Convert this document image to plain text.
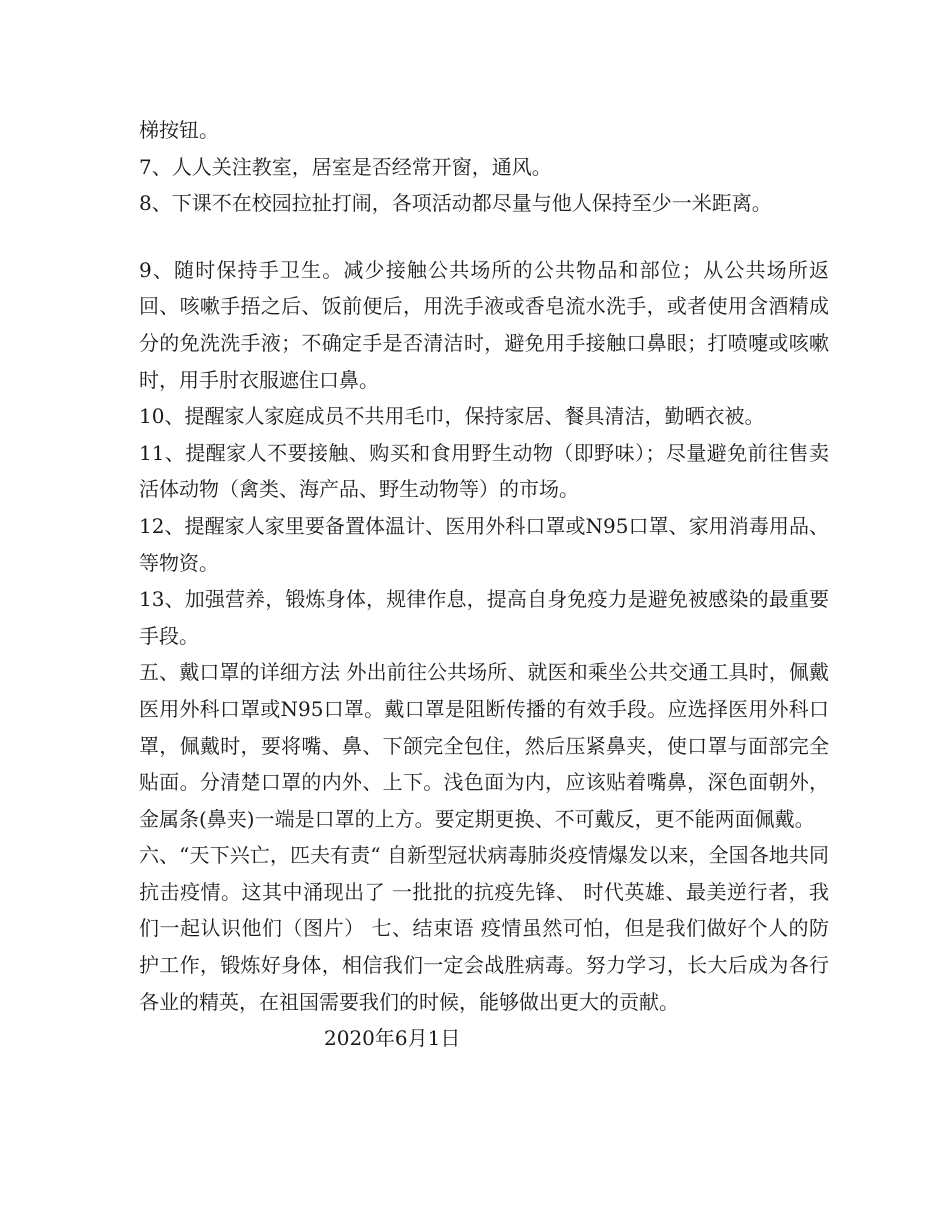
梯按钮。

7、人人关注教室，居室是否经常开窗，通风。

8、下课不在校园拉扯打闹，各项活动都尽量与他人保持至少一米距离。

9、随时保持手卫生。减少接触公共场所的公共物品和部位；从公共场所返回、咳嗽手捂之后、饭前便后，用洗手液或香皂流水洗手，或者使用含酒精成分的免洗洗手液；不确定手是否清洁时，避免用手接触口鼻眼；打喷嚏或咳嗽时，用手肘衣服遮住口鼻。

10、提醒家人家庭成员不共用毛巾，保持家居、餐具清洁，勤晒衣被。

11、提醒家人不要接触、购买和食用野生动物（即野味）；尽量避免前往售卖活体动物（禽类、海产品、野生动物等）的市场。

12、提醒家人家里要备置体温计、医用外科口罩或N95口罩、家用消毒用品、等物资。

13、加强营养，锻炼身体，规律作息，提高自身免疫力是避免被感染的最重要手段。

五、戴口罩的详细方法 外出前往公共场所、就医和乘坐公共交通工具时，佩戴医用外科口罩或N95口罩。戴口罩是阻断传播的有效手段。应选择医用外科口罩，佩戴时，要将嘴、鼻、下颌完全包住，然后压紧鼻夹，使口罩与面部完全贴面。分清楚口罩的内外、上下。浅色面为内，应该贴着嘴鼻，深色面朝外，金属条(鼻夹)一端是口罩的上方。要定期更换、不可戴反，更不能两面佩戴。

六、“天下兴亡，匹夫有责“ 自新型冠状病毒肺炎疫情爆发以来，全国各地共同抗击疫情。这其中涌现出了 一批批的抗疫先锋、 时代英雄、最美逆行者，我们一起认识他们（图片） 七、结束语 疫情虽然可怕，但是我们做好个人的防护工作，锻炼好身体，相信我们一定会战胜病毒。努力学习，长大后成为各行各业的精英，在祖国需要我们的时候，能够做出更大的贡献。

2020年6月1日
